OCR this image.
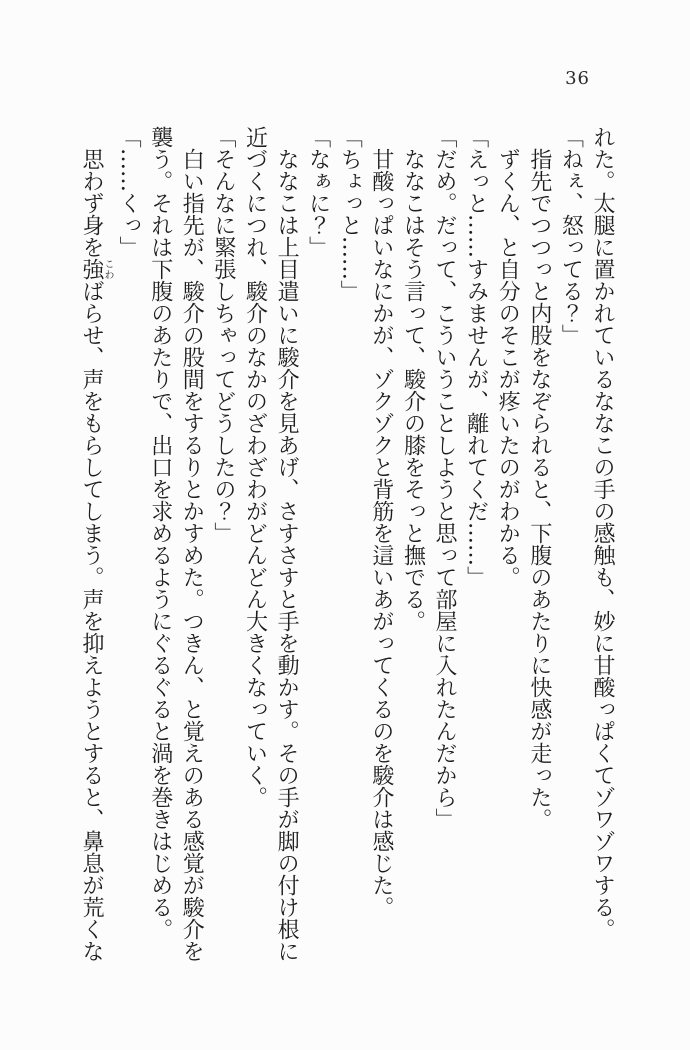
36

れた。太腿に置かれているななこの手の感触も、妙に甘酸っぱくてゾワゾワする。

「ねぇ、怒ってる？」

指先でつつっと内股をなぞられると、下腹のあたりに快感が走った。

ずくん、と自分のそこが疼いたのがわかる。

「えっと……すみませんが、離れてくだ……」

「だめ。だって、こういうことしようと思って部屋に入れたんだから」

ななこはそう言って、駿介の膝をそっと撫でる。

甘酸っぱいなにかが、ゾクゾクと背筋を這いあがってくるのを駿介は感じた。

「ちょっと……」

「なぁに？」

ななこは上目遣いに駿介を見あげ、さすさすと手を動かす。その手が脚の付け根に近づくにつれ、駿介のなかのざわざわがどんどん大きくなっていく。

「そんなに緊張しちゃってどうしたの？」

白い指先が、駿介の股間をするりとかすめた。つきん、と覚えのある感覚が駿介を襲う。それは下腹のあたりで、出口を求めるようにぐるぐると渦を巻きはじめる。

「……くっ」

思わず身を強こわばらせ、声をもらしてしまう。声を抑えようとすると、鼻息が荒くな
